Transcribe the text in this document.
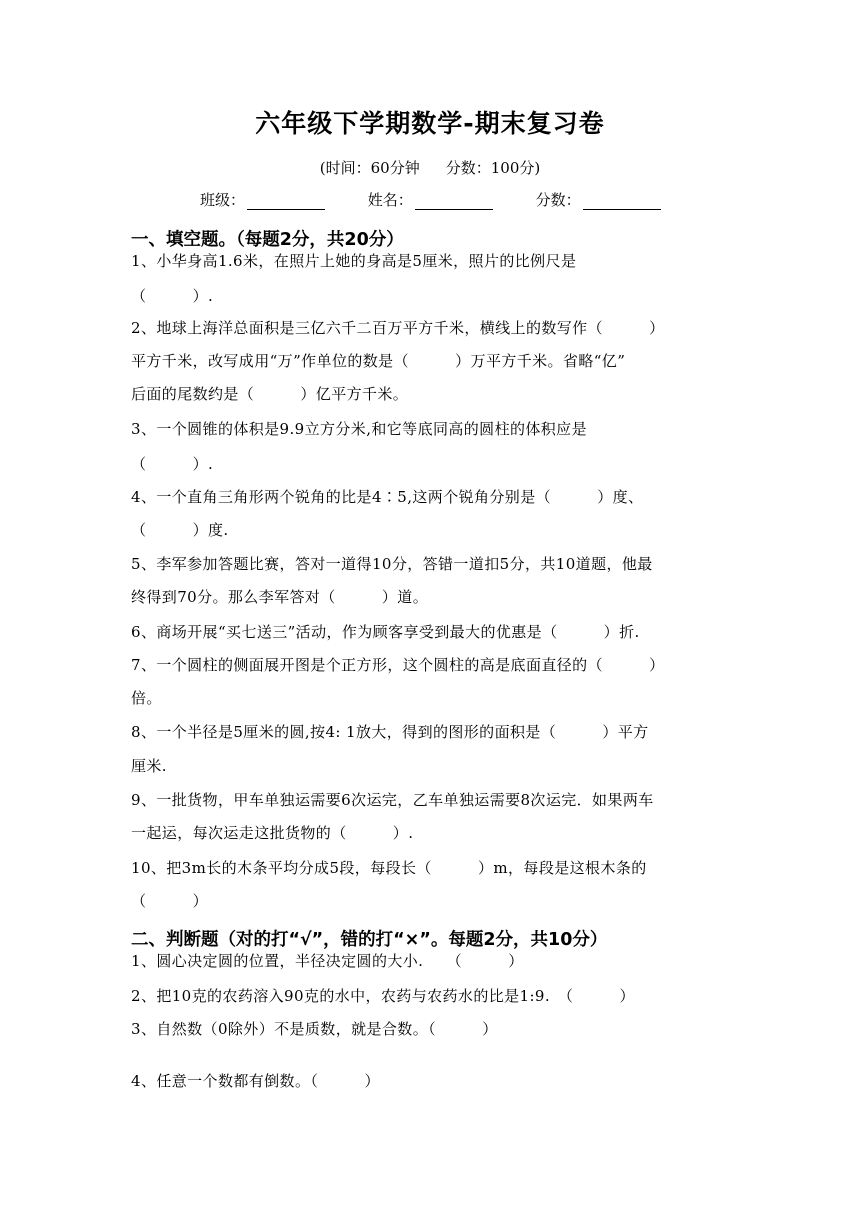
六年级下学期数学-期末复习卷
(时间：60分钟 分数：100分)
班级：	姓名：	分数：
一、填空题。（每题2分，共20分）
1、小华身高1.6米，在照片上她的身高是5厘米，照片的比例尺是
（　　　）.
2、地球上海洋总面积是三亿六千二百万平方千米，横线上的数写作（　　　）
平方千米，改写成用“万”作单位的数是（　　　）万平方千米。省略“亿”
后面的尾数约是（　　　）亿平方千米。
3、一个圆锥的体积是9.9立方分米,和它等底同高的圆柱的体积应是
（　　　）.
4、一个直角三角形两个锐角的比是4∶5,这两个锐角分别是（　　　）度、
（　　　）度.
5、李军参加答题比赛，答对一道得10分，答错一道扣5分，共10道题，他最
终得到70分。那么李军答对（　　　）道。
6、商场开展“买七送三”活动，作为顾客享受到最大的优惠是（　　　）折.
7、一个圆柱的侧面展开图是个正方形，这个圆柱的高是底面直径的（　　　）
倍。
8、一个半径是5厘米的圆,按4: 1放大，得到的图形的面积是（　　　）平方
厘米.
9、一批货物，甲车单独运需要6次运完，乙车单独运需要8次运完．如果两车
一起运，每次运走这批货物的（　　　）.
10、把3m长的木条平均分成5段，每段长（　　　）m，每段是这根木条的
（　　　）
二、判断题（对的打“√”，错的打“×”。每题2分，共10分）
1、圆心决定圆的位置，半径决定圆的大小.　　（　　　）
2、把10克的农药溶入90克的水中，农药与农药水的比是1:9.　（　　　）
3、自然数（0除外）不是质数，就是合数。（　　　）
4、任意一个数都有倒数。（　　　）
